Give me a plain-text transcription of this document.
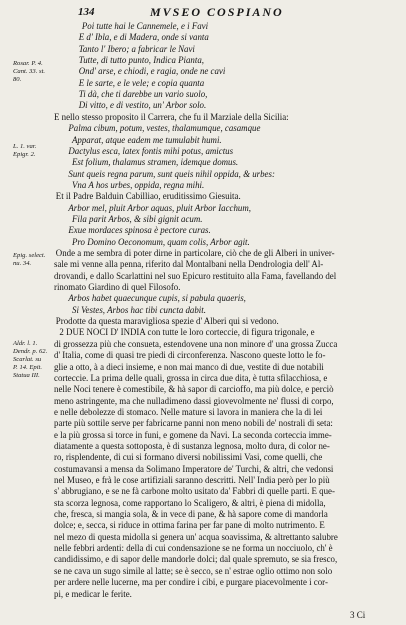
134	MVSEO COSPIANO
Rosar. P. 4.
Cant. 33. st.
80.
L. 1. var.
Epigr. 2.
Epig. select.
nu. 34.
Aldr. l. 1.
Dendr. p. 62.
Scarlat. su
P. 14. Epit.
Statua III.
Poi tutte hai le Cannemele, e i Favi
E d' Ibla, e di Madera, onde si vanta
Tanto l' Ibero; a fabricar le Navi
Tutte, di tutto punto, Indica Pianta,
Ond' arse, e chiodi, e ragia, onde ne cavi
E le sarte, e le vele; e copia quanta
Ti dà, che ti darebbe un vario suolo,
Di vitto, e di vestito, un' Arbor solo.
E nello stesso proposito il Carrera, che fu il Marziale della Sicilia:
Palma cibum, potum, vestes, thalamumque, casamque
Apparat, atque eadem me tumulabit humi.
Dactylus esca, latex fontis mihi potus, amictus
Est folium, thalamus stramen, idemque domus.
Sunt queis regna parum, sunt queis nihil oppida, & urbes:
Vna A hos urbes, oppida, regna mihi.
Et il Padre Balduin Cabilliao, eruditissimo Giesuita.
Arbor mel, pluit Arbor aquas, pluit Arbor Iacchum,
Fila parit Arbos, & sibi gignit acum.
Exue mordaces spinosa è pectore curas.
Pro Domino Oeconomum, quam colis, Arbor agit.
Onde a me sembra di poter dirne in particolare, ciò che de gli Alberi in univer-
sale mi venne alla penna, riferito dal Montalbani nella Dendrologia dell' Al-
drovandi, e dallo Scarlattini nel suo Epicuro restituito alla Fama, favellando del
rinomato Giardino di quel Filosofo.
Arbos habet quaecunque cupis, si pabula quaeris,
Si Vestes, Arbos hac tibi cuncta dabit.
Prodotte da questa maravigliosa spezie d' Alberi qui si vedono.
2 DUE NOCI D' INDIA con tutte le loro corteccie, di figura trigonale, e
di grossezza più che consueta, estendovene una non minore d' una grossa Zucca
d' Italia, come di quasi tre piedi di circonferenza. Nascono queste lotto le fo-
glie a otto, à a dieci insieme, e non mai manco di due, vestite di due notabili
corteccie. La prima delle quali, grossa in circa due dita, è tutta sfilacchiosa, e
nelle Noci tenere è comestibile, & hà sapor di carcioffo, ma più dolce, e perciò
meno astringente, ma che nulladimeno dassi giovevolmente ne' flussi di corpo,
e nelle debolezze di stomaco. Nelle mature si lavora in maniera che la di lei
parte più sottile serve per fabricarne panni non meno nobili de' nostrali di seta:
e la più grossa si torce in funi, e gomene da Navi. La seconda corteccia imme-
diatamente a questa sottoposta, è di sustanza legnosa, molto dura, di color ne-
ro, risplendente, di cui si formano diversi nobilissimi Vasi, come quelli, che
costumavansi a mensa da Solimano Imperatore de' Turchi, & altri, che vedonsi
nel Museo, e frà le cose artifiziali saranno descritti. Nell' India però per lo più
s' abbrugiano, e se ne fà carbone molto usitato da' Fabbri di quelle parti. E que-
sta scorza legnosa, come rapportano lo Scaligero, & altri, è piena di midolla,
che, fresca, si mangia sola, & in vece di pane, & hà sapore come di mandorla
dolce; e, secca, si riduce in ottima farina per far pane di molto nutrimento. E
nel mezo di questa midolla si genera un' acqua soavissima, & altrettanto salubre
nelle febbri ardenti: della di cui condensazione se ne forma un nocciuolo, ch' è
candidissimo, e di sapor delle mandorle dolci; dal quale spremuto, se sia fresco,
se ne cava un sugo simile al latte; se è secco, se n' estrae oglio ottimo non solo
per ardere nelle lucerne, ma per condire i cibi, e purgare piacevolmente i cor-
pi, e medicar le ferite.
3 Ci
